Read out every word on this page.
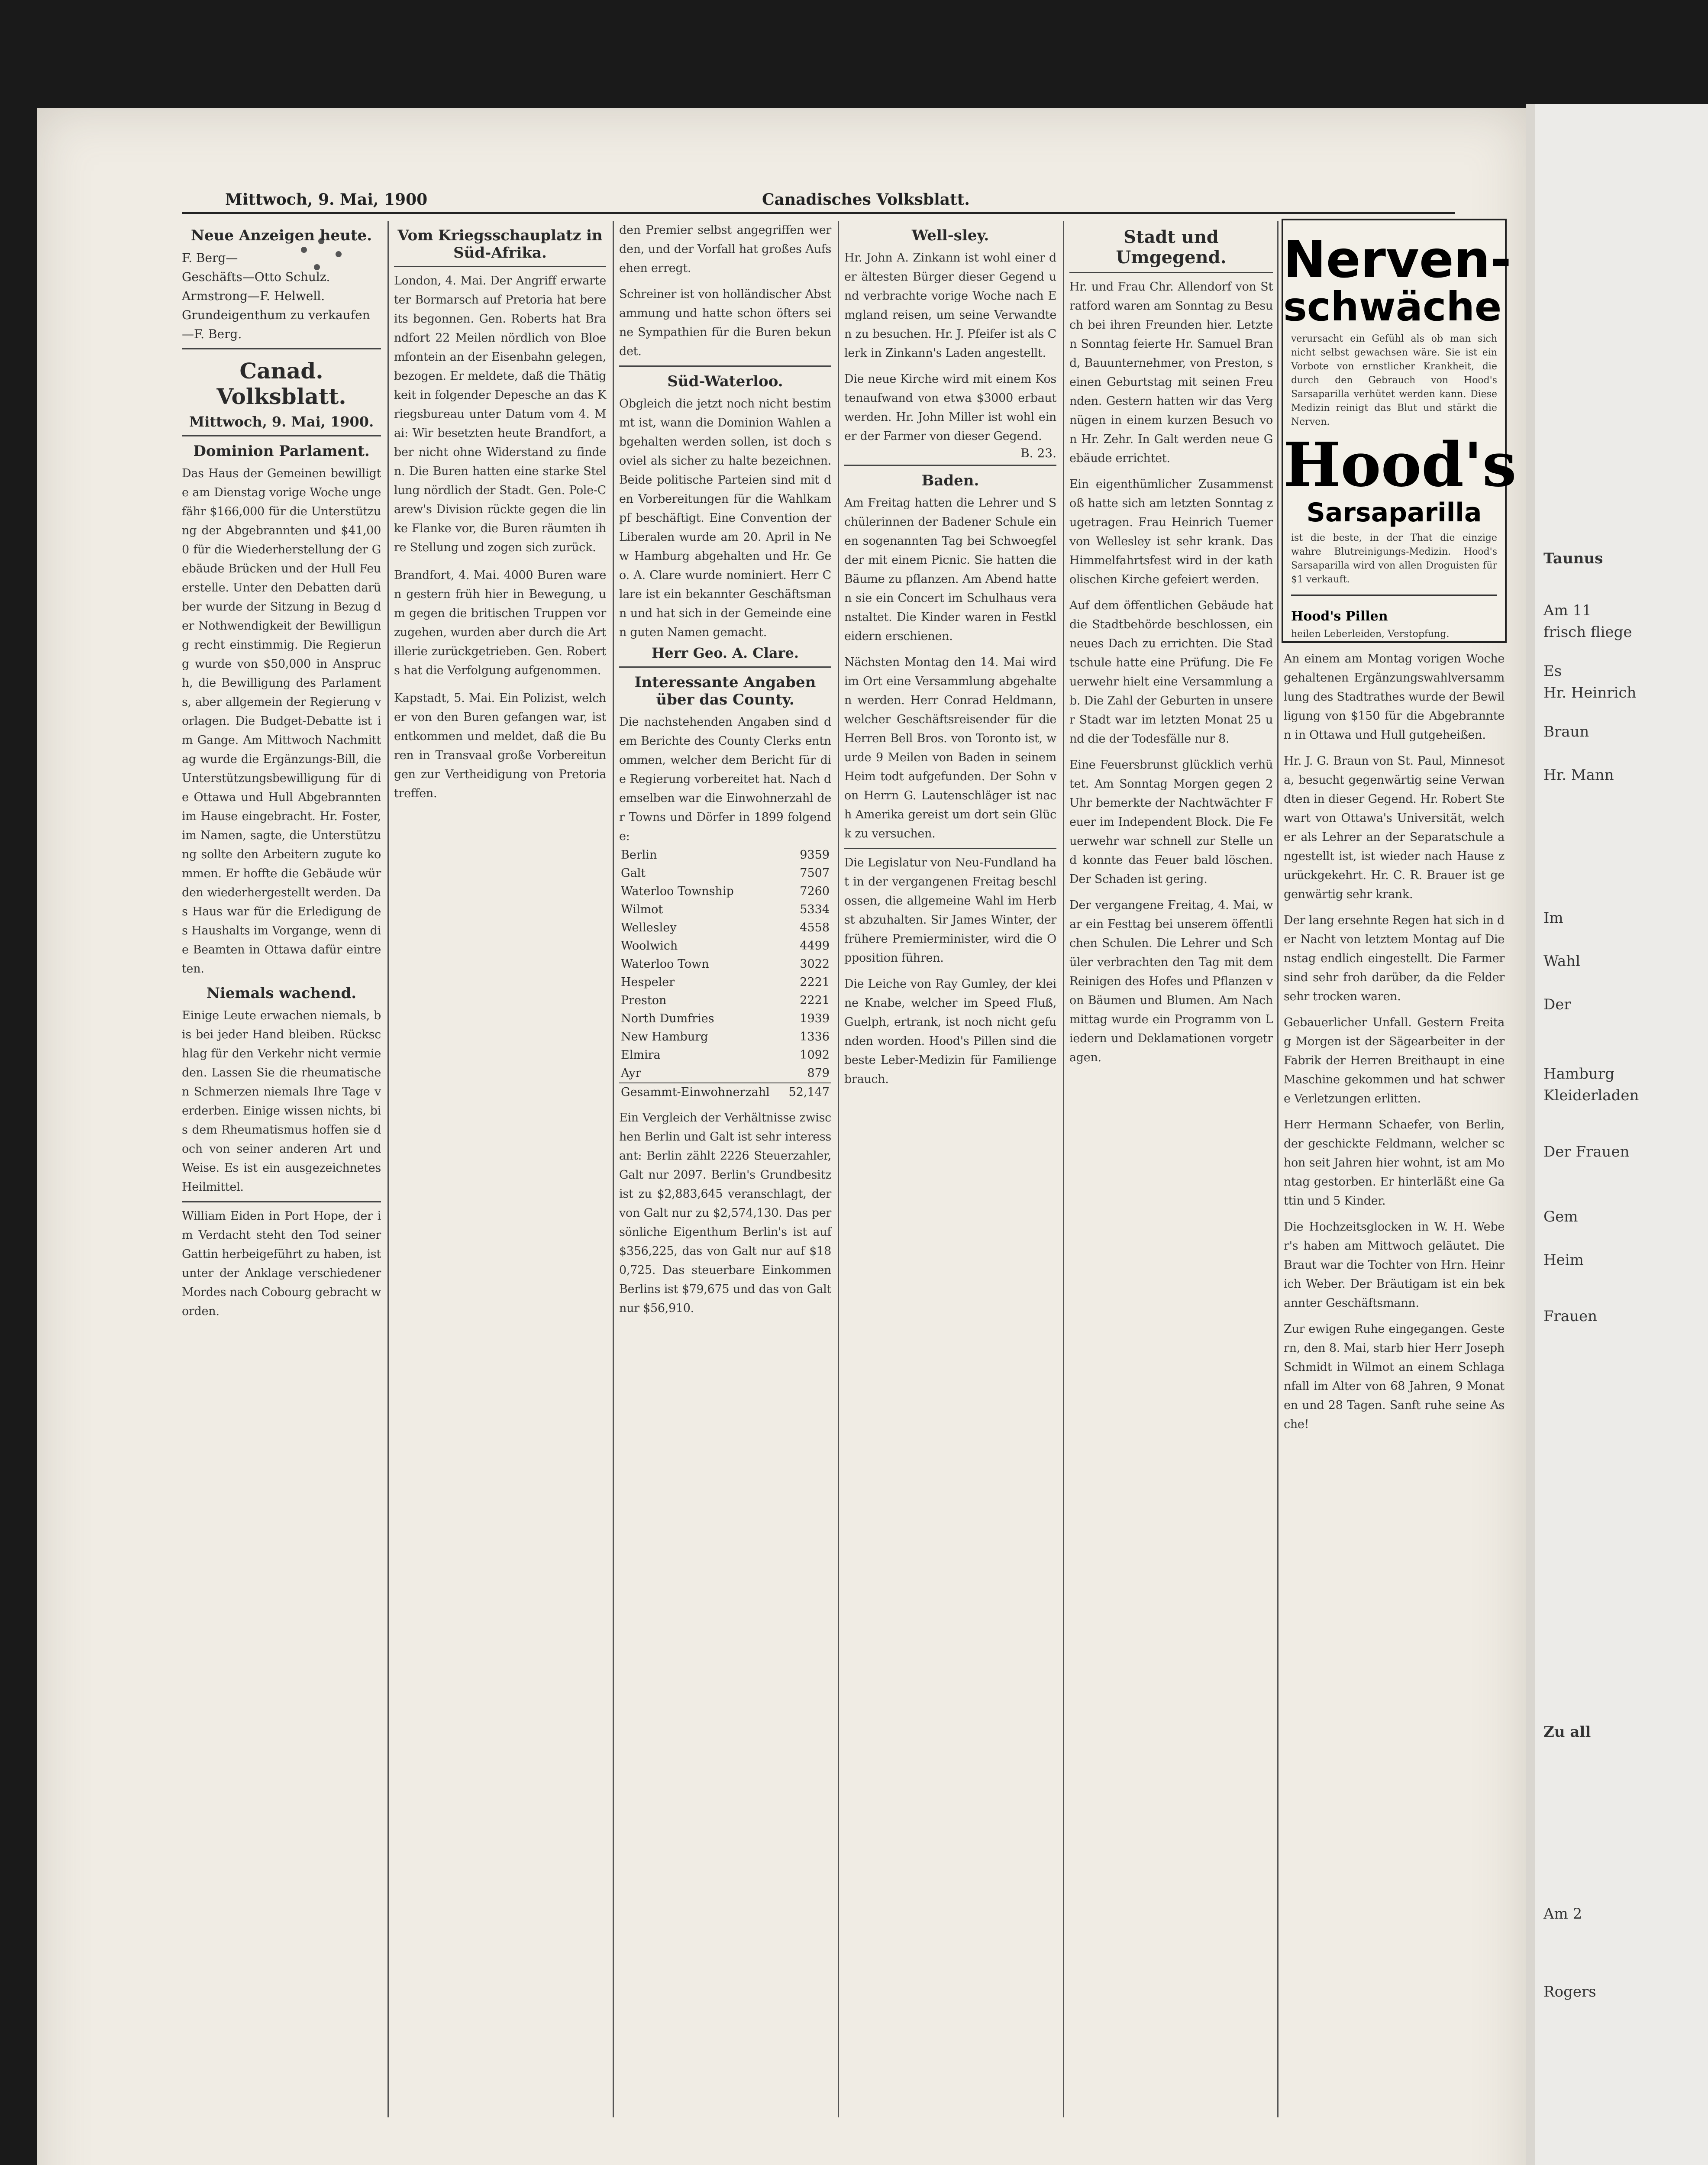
Mittwoch, 9. Mai, 1900	Canadisches Volksblatt.
Neue Anzeigen heute.
F. Berg—
Geschäfts—Otto Schulz.
Armstrong—F. Helwell.
Grundeigenthum zu verkaufen—F. Berg.
Canad. Volksblatt.
Mittwoch, 9. Mai, 1900.
Dominion Parlament.
Das Haus der Gemeinen bewilligte am Dienstag vorige Woche ungefähr $166,000 für die Unterstützung der Abgebrannten und $41,000 für die Wiederherstellung der Gebäude Brücken und der Hull Feuerstelle. Unter den Debatten darüber wurde der Sitzung in Bezug der Nothwendigkeit der Bewilligung recht einstimmig. Die Regierung wurde von $50,000 in Anspruch, die Bewilligung des Parlaments, aber allgemein der Regierung vorlagen. Die Budget-Debatte ist im Gange. Am Mittwoch Nachmittag wurde die Ergänzungs-Bill, die Unterstützungsbewilligung für die Ottawa und Hull Abgebrannten im Hause eingebracht. Hr. Foster, im Namen, sagte, die Unterstützung sollte den Arbeitern zugute kommen. Er hoffte die Gebäude würden wiederhergestellt werden. Das Haus war für die Erledigung des Haushalts im Vorgange, wenn die Beamten in Ottawa dafür eintreten.
Niemals wachend.
Einige Leute erwachen niemals, bis bei jeder Hand bleiben. Rückschlag für den Verkehr nicht vermieden. Lassen Sie die rheumatischen Schmerzen niemals Ihre Tage verderben. Einige wissen nichts, bis dem Rheumatismus hoffen sie doch von seiner anderen Art und Weise. Es ist ein ausgezeichnetes Heilmittel.
William Eiden in Port Hope, der im Verdacht steht den Tod seiner Gattin herbeigeführt zu haben, ist unter der Anklage verschiedener Mordes nach Cobourg gebracht worden.
Vom Kriegsschauplatz in Süd-Afrika.
London, 4. Mai. Der Angriff erwarteter Bormarsch auf Pretoria hat bereits begonnen. Gen. Roberts hat Brandfort 22 Meilen nördlich von Bloemfontein an der Eisenbahn gelegen, bezogen. Er meldete, daß die Thätigkeit in folgender Depesche an das Kriegsbureau unter Datum vom 4. Mai: Wir besetzten heute Brandfort, aber nicht ohne Widerstand zu finden. Die Buren hatten eine starke Stellung nördlich der Stadt. Gen. Pole-Carew's Division rückte gegen die linke Flanke vor, die Buren räumten ihre Stellung und zogen sich zurück.
Brandfort, 4. Mai. 4000 Buren waren gestern früh hier in Bewegung, um gegen die britischen Truppen vorzugehen, wurden aber durch die Artillerie zurückgetrieben. Gen. Roberts hat die Verfolgung aufgenommen.
Kapstadt, 5. Mai. Ein Polizist, welcher von den Buren gefangen war, ist entkommen und meldet, daß die Buren in Transvaal große Vorbereitungen zur Vertheidigung von Pretoria treffen.
den Premier selbst angegriffen werden, und der Vorfall hat großes Aufsehen erregt.
Schreiner ist von holländischer Abstammung und hatte schon öfters seine Sympathien für die Buren bekundet.
Süd-Waterloo.
Obgleich die jetzt noch nicht bestimmt ist, wann die Dominion Wahlen abgehalten werden sollen, ist doch soviel als sicher zu halte bezeichnen. Beide politische Parteien sind mit den Vorbereitungen für die Wahlkampf beschäftigt. Eine Convention der Liberalen wurde am 20. April in New Hamburg abgehalten und Hr. Geo. A. Clare wurde nominiert. Herr Clare ist ein bekannter Geschäftsmann und hat sich in der Gemeinde einen guten Namen gemacht.
Herr Geo. A. Clare.
Interessante Angaben über das County.
Die nachstehenden Angaben sind dem Berichte des County Clerks entnommen, welcher dem Bericht für die Regierung vorbereitet hat. Nach demselben war die Einwohnerzahl der Towns und Dörfer in 1899 folgende:
Berlin	9359
Galt	7507
Waterloo Township	7260
Wilmot	5334
Wellesley	4558
Woolwich	4499
Waterloo Town	3022
Hespeler	2221
Preston	2221
North Dumfries	1939
New Hamburg	1336
Elmira	1092
Ayr	879
Gesammt-Einwohnerzahl	52,147
Ein Vergleich der Verhältnisse zwischen Berlin und Galt ist sehr interessant: Berlin zählt 2226 Steuerzahler, Galt nur 2097. Berlin's Grundbesitz ist zu $2,883,645 veranschlagt, der von Galt nur zu $2,574,130. Das persönliche Eigenthum Berlin's ist auf $356,225, das von Galt nur auf $180,725. Das steuerbare Einkommen Berlins ist $79,675 und das von Galt nur $56,910.
Well-sley.
Hr. John A. Zinkann ist wohl einer der ältesten Bürger dieser Gegend und verbrachte vorige Woche nach Emgland reisen, um seine Verwandten zu besuchen. Hr. J. Pfeifer ist als Clerk in Zinkann's Laden angestellt.
Die neue Kirche wird mit einem Kostenaufwand von etwa $3000 erbaut werden. Hr. John Miller ist wohl einer der Farmer von dieser Gegend.
B. 23.
Baden.
Am Freitag hatten die Lehrer und Schülerinnen der Badener Schule einen sogenannten Tag bei Schwoegfelder mit einem Picnic. Sie hatten die Bäume zu pflanzen. Am Abend hatten sie ein Concert im Schulhaus veranstaltet. Die Kinder waren in Festkleidern erschienen.
Nächsten Montag den 14. Mai wird im Ort eine Versammlung abgehalten werden. Herr Conrad Heldmann, welcher Geschäftsreisender für die Herren Bell Bros. von Toronto ist, wurde 9 Meilen von Baden in seinem Heim todt aufgefunden. Der Sohn von Herrn G. Lautenschläger ist nach Amerika gereist um dort sein Glück zu versuchen.
Die Legislatur von Neu-Fundland hat in der vergangenen Freitag beschlossen, die allgemeine Wahl im Herbst abzuhalten. Sir James Winter, der frühere Premierminister, wird die Opposition führen.
Die Leiche von Ray Gumley, der kleine Knabe, welcher im Speed Fluß, Guelph, ertrank, ist noch nicht gefunden worden. Hood's Pillen sind die beste Leber-Medizin für Familiengebrauch.
Stadt und Umgegend.
Hr. und Frau Chr. Allendorf von Stratford waren am Sonntag zu Besuch bei ihren Freunden hier. Letzten Sonntag feierte Hr. Samuel Brand, Bauunternehmer, von Preston, seinen Geburtstag mit seinen Freunden. Gestern hatten wir das Vergnügen in einem kurzen Besuch von Hr. Zehr. In Galt werden neue Gebäude errichtet.
Ein eigenthümlicher Zusammenstoß hatte sich am letzten Sonntag zugetragen. Frau Heinrich Tuemer von Wellesley ist sehr krank. Das Himmelfahrtsfest wird in der katholischen Kirche gefeiert werden.
Auf dem öffentlichen Gebäude hat die Stadtbehörde beschlossen, ein neues Dach zu errichten. Die Stadtschule hatte eine Prüfung. Die Feuerwehr hielt eine Versammlung ab. Die Zahl der Geburten in unserer Stadt war im letzten Monat 25 und die der Todesfälle nur 8.
Eine Feuersbrunst glücklich verhütet. Am Sonntag Morgen gegen 2 Uhr bemerkte der Nachtwächter Feuer im Independent Block. Die Feuerwehr war schnell zur Stelle und konnte das Feuer bald löschen. Der Schaden ist gering.
Der vergangene Freitag, 4. Mai, war ein Festtag bei unserem öffentlichen Schulen. Die Lehrer und Schüler verbrachten den Tag mit dem Reinigen des Hofes und Pflanzen von Bäumen und Blumen. Am Nachmittag wurde ein Programm von Liedern und Deklamationen vorgetragen.
An einem am Montag vorigen Woche gehaltenen Ergänzungswahlversammlung des Stadtrathes wurde der Bewilligung von $150 für die Abgebrannten in Ottawa und Hull gutgeheißen.
Hr. J. G. Braun von St. Paul, Minnesota, besucht gegenwärtig seine Verwandten in dieser Gegend. Hr. Robert Stewart von Ottawa's Universität, welcher als Lehrer an der Separatschule angestellt ist, ist wieder nach Hause zurückgekehrt. Hr. C. R. Brauer ist gegenwärtig sehr krank.
Der lang ersehnte Regen hat sich in der Nacht von letztem Montag auf Dienstag endlich eingestellt. Die Farmer sind sehr froh darüber, da die Felder sehr trocken waren.
Gebauerlicher Unfall. Gestern Freitag Morgen ist der Sägearbeiter in der Fabrik der Herren Breithaupt in eine Maschine gekommen und hat schwere Verletzungen erlitten.
Herr Hermann Schaefer, von Berlin, der geschickte Feldmann, welcher schon seit Jahren hier wohnt, ist am Montag gestorben. Er hinterläßt eine Gattin und 5 Kinder.
Die Hochzeitsglocken in W. H. Weber's haben am Mittwoch geläutet. Die Braut war die Tochter von Hrn. Heinrich Weber. Der Bräutigam ist ein bekannter Geschäftsmann.
Zur ewigen Ruhe eingegangen. Gestern, den 8. Mai, starb hier Herr Joseph Schmidt in Wilmot an einem Schlaganfall im Alter von 68 Jahren, 9 Monaten und 28 Tagen. Sanft ruhe seine Asche!
Nerven-
schwäche
verursacht ein Gefühl als ob man sich nicht selbst gewachsen wäre. Sie ist ein Vorbote von ernstlicher Krankheit, die durch den Gebrauch von Hood's Sarsaparilla verhütet werden kann. Diese Medizin reinigt das Blut und stärkt die Nerven.
Hood's
Sarsaparilla
ist die beste, in der That die einzige wahre Blutreinigungs-Medizin. Hood's Sarsaparilla wird von allen Droguisten für $1 verkauft.
Hood's Pillen
heilen Leberleiden, Verstopfung.
Taunus
Am 11
frisch fliege
Es
Hr. Heinrich
Braun
Hr. Mann
Im
Wahl
Der
Hamburg
Kleiderladen
Der Frauen
Gem
Heim
Frauen
Zu all
Am 2
Rogers
